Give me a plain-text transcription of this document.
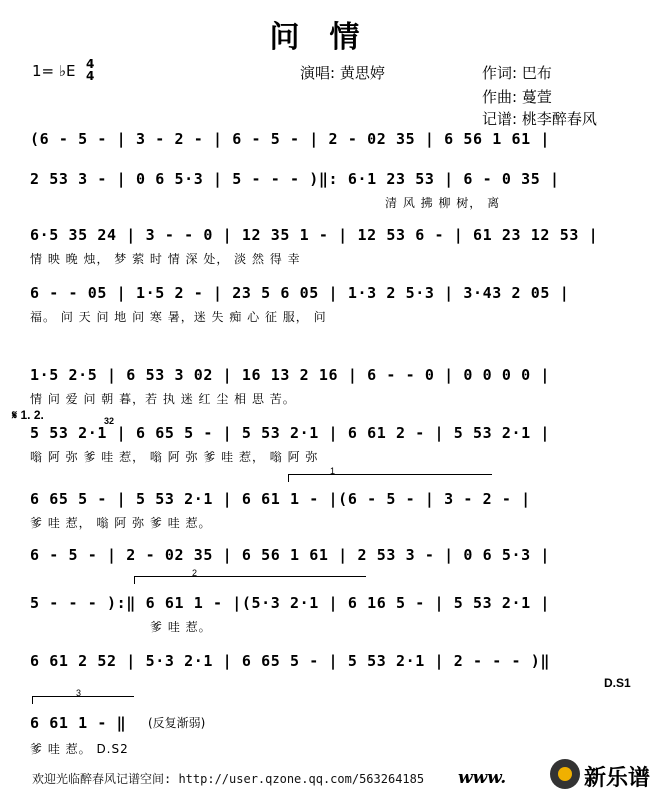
问情
1= ♭E 4
4	演唱: 黄思婷	作词: 巴布
作曲: 蔓萱
记谱: 桃李醉春风
(6 - 5 - | 3 - 2 - | 6 - 5 - | 2 - 02 35 | 6 56 1 61 |
2 53 3 - | 0 6 5·3 | 5 - - - )‖: 6·1 23 53 | 6 - 0 35 |
清 风 拂 柳 树， 离
6·5 35 24 | 3 - - 0 | 12 35 1 - | 12 53 6 - | 61 23 12 53 |
情 映 晚 烛， 梦 萦 时 情 深 处， 淡 然 得 幸
6 - - 05 | 1·5 2 - | 23 5 6 05 | 1·3 2 5·3 | 3·43 2 05 |
福。 问 天 问 地 问 寒 暑，迷 失 痴 心 征 服， 问
1·5 2·5 | 6 53 3 02 | 16 13 2 16 | 6 - - 0 | 0 0 0 0 |
情 问 爱 问 朝 暮，若 执 迷 红 尘 相 思 苦。
𝄋 1. 2.	32
5 53 2·1 | 6 65 5 - | 5 53 2·1 | 6 61 2 - | 5 53 2·1 |
嗡 阿 弥 爹 哇 惹， 嗡 阿 弥 爹 哇 惹， 嗡 阿 弥
1
6 65 5 - | 5 53 2·1 | 6 61 1 - |(6 - 5 - | 3 - 2 - |
爹 哇 惹， 嗡 阿 弥 爹 哇 惹。
6 - 5 - | 2 - 02 35 | 6 56 1 61 | 2 53 3 - | 0 6 5·3 |
2
5 - - - ):‖ 6 61 1 - |(5·3 2·1 | 6 16 5 - | 5 53 2·1 |
爹 哇 惹。
6 61 2 52 | 5·3 2·1 | 6 65 5 - | 5 53 2·1 | 2 - - - )‖
D.S1
3
6 61 1 - ‖ (反复渐弱)
爹 哇 惹。 D.S2
欢迎光临醉春风记谱空间: http://user.qzone.qq.com/563264185 www.	新乐谱
